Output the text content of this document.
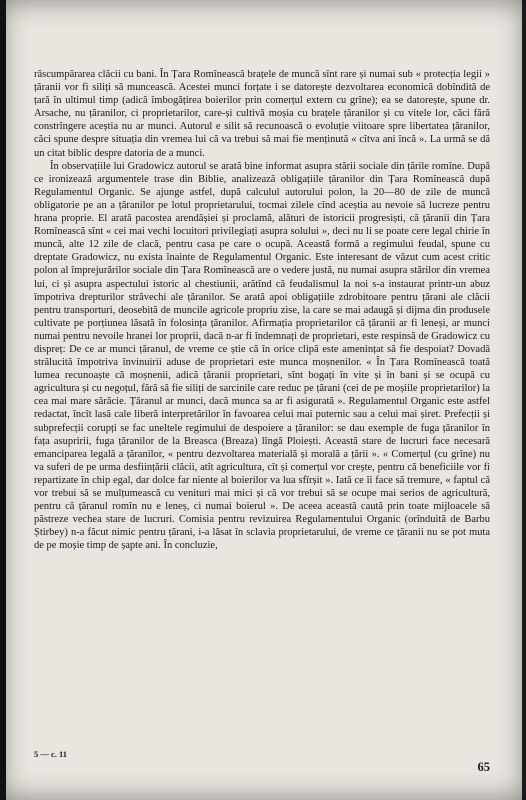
răscumpărarea clăcii cu bani. În Țara Romînească brațele de muncă sînt rare și numai sub « protecția legii » țăranii vor fi siliți să muncească. Acestei munci forțate i se datorește dezvoltarea economică dobîndită de țară în ultimul timp (adică îmbogățirea boierilor prin comerțul extern cu grîne); ea se datorește, spune dr. Arsache, nu țăranilor, ci proprietarilor, care-și cultivă moșia cu brațele țăranilor și cu vitele lor, căci fără constrîngere aceștia nu ar munci. Autorul e silit să recunoască o evoluție viitoare spre libertatea țăranilor, căci spune despre situația din vremea lui că va trebui să mai fie menținută « cîtva ani încă ». La urmă se dă un citat biblic despre datoria de a munci.

În observațiile lui Gradowicz autorul se arată bine informat asupra stării sociale din țările romîne. După ce ironizează argumentele trase din Biblie, analizează obligațiile țăranilor din Țara Romînească după Regulamentul Organic. Se ajunge astfel, după calculul autorului polon, la 20—80 de zile de muncă obligatorie pe an a țăranilor pe lotul proprietarului, tocmai zilele cînd aceștia au nevoie să lucreze pentru hrana proprie. El arată pacostea arendășiei și proclamă, alături de istoricii progresiști, că țăranii din Țara Romînească sînt « cei mai vechi locuitori privilegiați asupra solului », deci nu li se poate cere legal chirie în muncă, alte 12 zile de clacă, pentru casa pe care o ocupă. Această formă a regimului feudal, spune cu dreptate Gradowicz, nu exista înainte de Regulamentul Organic. Este interesant de văzut cum acest critic polon al împrejurărilor sociale din Țara Romînească are o vedere justă, nu numai asupra stărilor din vremea lui, ci și asupra aspectului istoric al chestiunii, arătînd că feudalismul la noi s-a instaurat printr-un abuz împotriva drepturilor străvechi ale țăranilor. Se arată apoi obligațiile zdrobitoare pentru țărani ale clăcii pentru transporturi, deosebită de muncile agricole propriu zise, la care se mai adaugă și dijma din produsele cultivate pe porțiunea lăsată în folosința țăranilor. Afirmația proprietarilor că țăranii ar fi leneși, ar munci numai pentru nevoile hranei lor proprii, dacă n-ar fi îndemnați de proprietari, este respinsă de Gradowicz cu dispreț: De ce ar munci țăranul, de vreme ce știe că în orice clipă este amenințat să fie despoiat? Dovadă strălucită împotriva învinuirii aduse de proprietari este munca moșnenilor. « În Țara Romînească toată lumea recunoaște că moșnenii, adică țăranii proprietari, sînt bogați în vite și în bani și se ocupă cu agricultura și cu negoțul, fără să fie siliți de sarcinile care reduc pe țărani (cei de pe moșiile proprietarilor) la cea mai mare sărăcie. Țăranul ar munci, dacă munca sa ar fi asigurată ». Regulamentul Organic este astfel redactat, încît lasă cale liberă interpretărilor în favoarea celui mai puternic sau a celui mai șiret. Prefecții și subprefecții corupți se fac uneltele regimului de despoiere a țăranilor: se dau exemple de fuga țăranilor în fața asupririi, fuga țăranilor de la Breasca (Breaza) lîngă Ploiești. Această stare de lucruri face necesară emanciparea legală a țăranilor, « pentru dezvoltarea materială și morală a țării ». « Comerțul (cu grîne) nu va suferi de pe urma desființării clăcii, atît agricultura, cît și comerțul vor crește, pentru că beneficiile vor fi repartizate în chip egal, dar dolce far niente al boierilor va lua sfîrșit ». Iată ce îi face să tremure, « faptul că vor trebui să se mulțumească cu venituri mai mici și că vor trebui să se ocupe mai serios de agricultură, pentru că țăranul romîn nu e leneș, ci numai boierul ». De aceea această caută prin toate mijloacele să păstreze vechea stare de lucruri. Comisia pentru revizuirea Regulamentului Organic (orînduită de Barbu Știrbey) n-a făcut nimic pentru țărani, i-a lăsat în sclavia proprietarului, de vreme ce țăranii nu se pot muta de pe moșie timp de șapte ani. În concluzie,

5 — c. 11
65
